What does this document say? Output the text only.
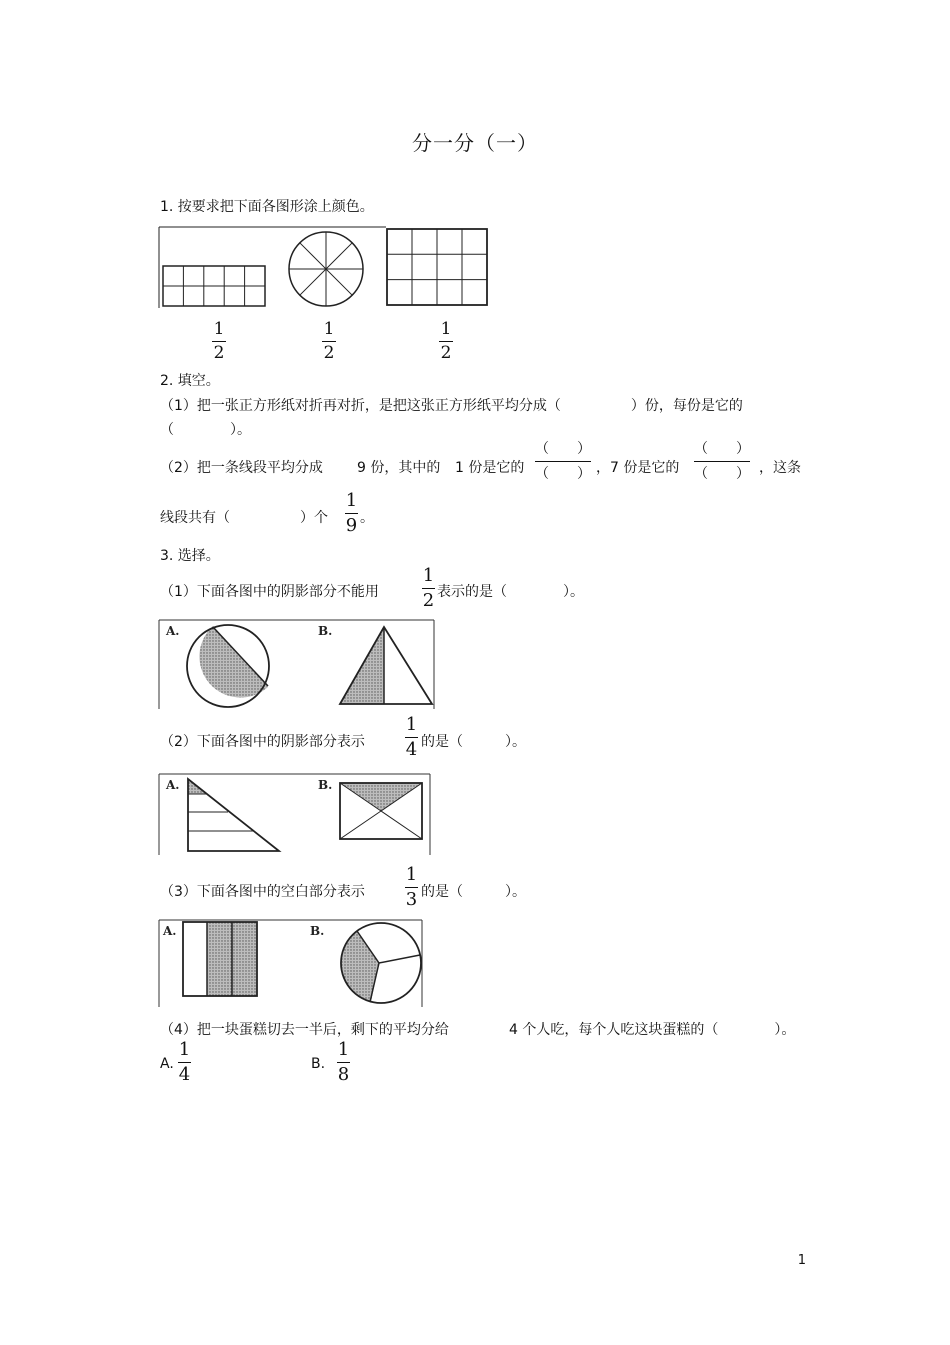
分一分（一）
1. 按要求把下面各图形涂上颜色。
1
2
1
2
1
2
2. 填空。
（1）把一张正方形纸对折再对折，是把这张正方形纸平均分成（　　　　　）份，每份是它的
（　　　　）。
（2）把一条线段平均分成 9 份，其中的 1 份是它的
（　　）
（　　） ，7 份是它的
（　　）
（　　） ，这条
线段共有（　　　　　）个
1
9 。
3. 选择。
（1）下面各图中的阴影部分不能用
1
2 表示的是（　　　　）。
A.	B.
（2）下面各图中的阴影部分表示
1
4 的是（　　　）。
A.	B.
（3）下面各图中的空白部分表示
1
3 的是（　　　）。
A.	B.
（4）把一块蛋糕切去一半后，剩下的平均分给	4 个人吃，每个人吃这块蛋糕的（　　　　）。
A.
1
4	B.
1
8
1
